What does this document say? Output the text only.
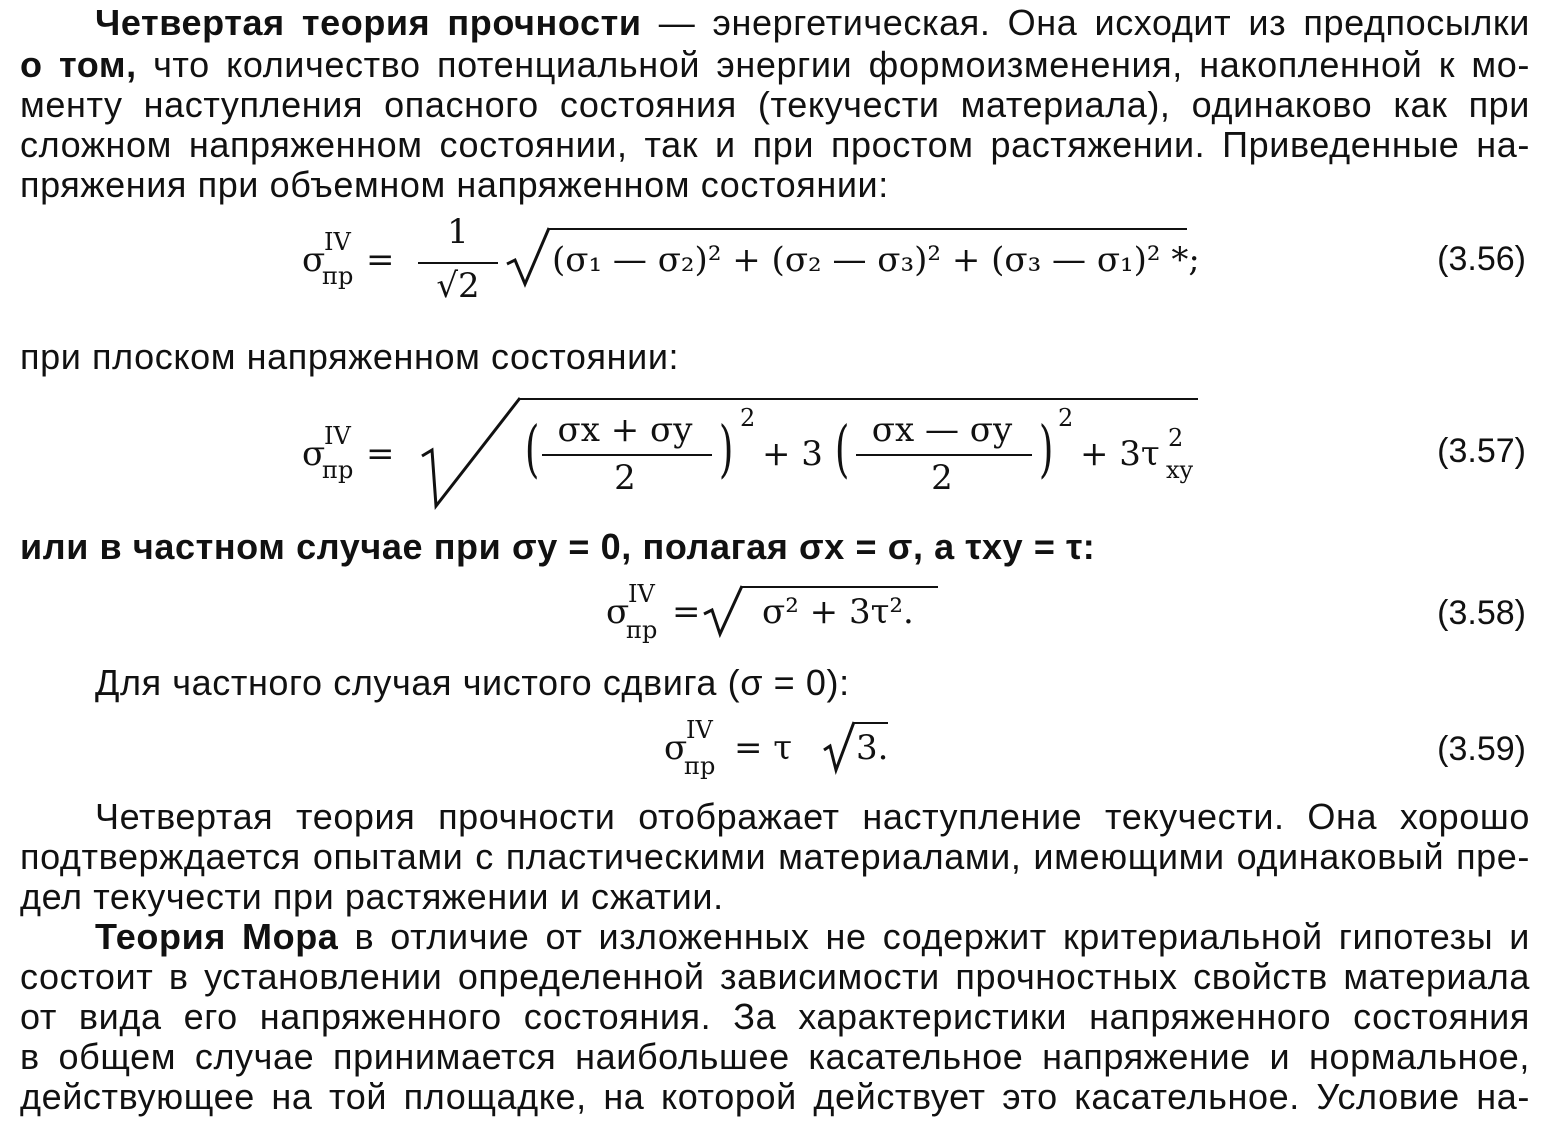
Четвертая теория прочности — энергетическая. Она исходит из предпосылки
о том, что количество потенциальной энергии формоизменения, накопленной к мо-
менту наступления опасного состояния (текучести материала), одинаково как при
сложном напряженном состоянии, так и при простом растяжении. Приведенные на-
пряжения при объемном напряженном состоянии:
σ
IV
пр =
1
√2
(σ₁ — σ₂)² + (σ₂ — σ₃)² + (σ₃ — σ₁)² *;	(3.56)
при плоском напряженном состоянии:
σ
IV
пр = ( σx + σy
2	) 2
+ 3 ( σx — σy
2	) 2
+ 3τ 2
xy	(3.57)
или в частном случае при σy = 0, полагая σx = σ, а τxy = τ:
σ
IV
пр = σ² + 3τ².	(3.58)
Для частного случая чистого сдвига (σ = 0):
σ
IV
пр = τ 3.	(3.59)
Четвертая теория прочности отображает наступление текучести. Она хорошо
подтверждается опытами с пластическими материалами, имеющими одинаковый пре-
дел текучести при растяжении и сжатии.
Теория Мора в отличие от изложенных не содержит критериальной гипотезы и
состоит в установлении определенной зависимости прочностных свойств материала
от вида его напряженного состояния. За характеристики напряженного состояния
в общем случае принимается наибольшее касательное напряжение и нормальное,
действующее на той площадке, на которой действует это касательное. Условие на-
